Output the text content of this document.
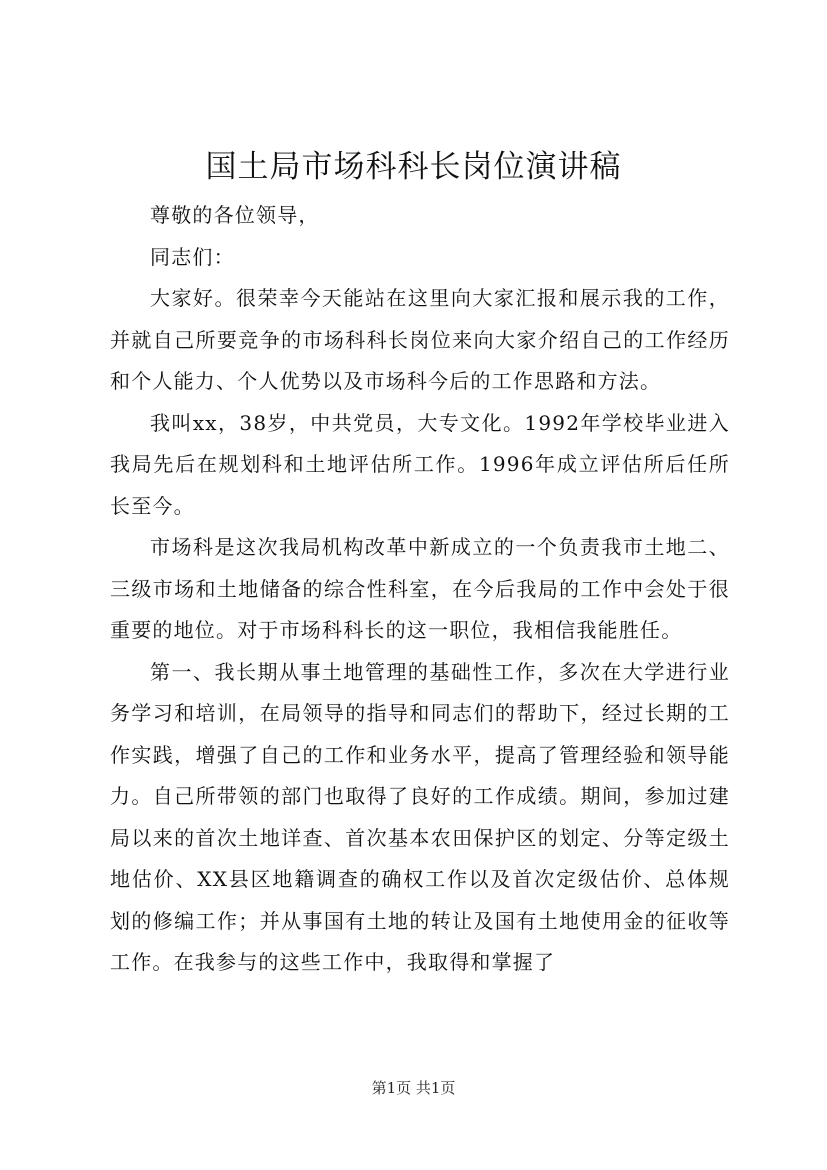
国土局市场科科长岗位演讲稿

尊敬的各位领导，

同志们：

大家好。很荣幸今天能站在这里向大家汇报和展示我的工作，并就自己所要竞争的市场科科长岗位来向大家介绍自己的工作经历和个人能力、个人优势以及市场科今后的工作思路和方法。

我叫xx，38岁，中共党员，大专文化。1992年学校毕业进入我局先后在规划科和土地评估所工作。1996年成立评估所后任所长至今。

市场科是这次我局机构改革中新成立的一个负责我市土地二、三级市场和土地储备的综合性科室，在今后我局的工作中会处于很重要的地位。对于市场科科长的这一职位，我相信我能胜任。

第一、我长期从事土地管理的基础性工作，多次在大学进行业务学习和培训，在局领导的指导和同志们的帮助下，经过长期的工作实践，增强了自己的工作和业务水平，提高了管理经验和领导能力。自己所带领的部门也取得了良好的工作成绩。期间，参加过建局以来的首次土地详查、首次基本农田保护区的划定、分等定级土地估价、XX县区地籍调查的确权工作以及首次定级估价、总体规划的修编工作；并从事国有土地的转让及国有土地使用金的征收等工作。在我参与的这些工作中，我取得和掌握了

第1页 共1页
